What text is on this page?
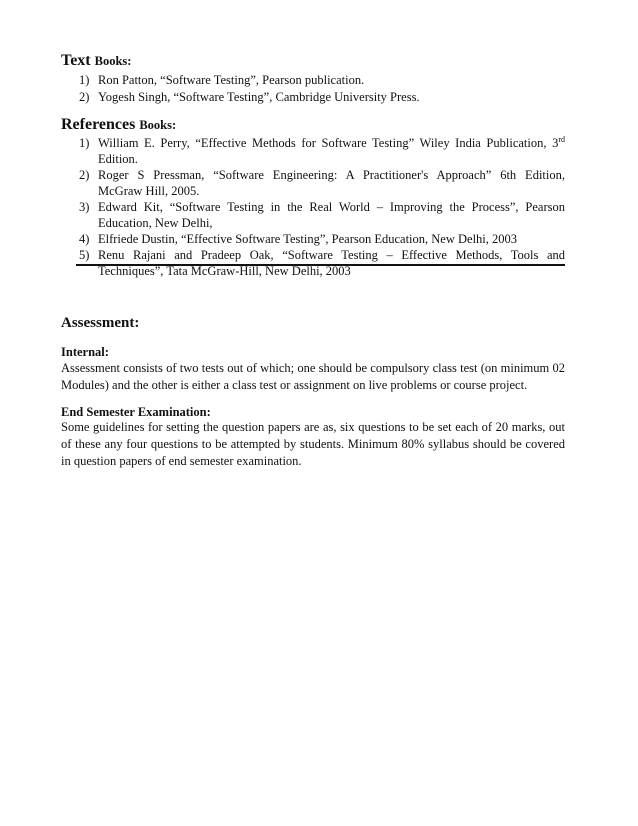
Text Books:
1) Ron Patton, “Software Testing”, Pearson publication.
2) Yogesh Singh, “Software Testing”, Cambridge University Press.
References Books:
1) William E. Perry, “Effective Methods for Software Testing” Wiley India Publication, 3rd
Edition.
2) Roger S Pressman, “Software Engineering: A Practitioner's Approach” 6th Edition,
McGraw Hill, 2005.
3) Edward Kit, “Software Testing in the Real World – Improving the Process”, Pearson
Education, New Delhi,
4) Elfriede Dustin, “Effective Software Testing”, Pearson Education, New Delhi, 2003
5) Renu Rajani and Pradeep Oak, “Software Testing – Effective Methods, Tools and
Techniques”, Tata McGraw-Hill, New Delhi, 2003
Assessment:
Internal:
Assessment consists of two tests out of which; one should be compulsory class test (on minimum 02 Modules) and the other is either a class test or assignment on live problems or course project.
End Semester Examination:
Some guidelines for setting the question papers are as, six questions to be set each of 20 marks, out of these any four questions to be attempted by students. Minimum 80% syllabus should be covered in question papers of end semester examination.
